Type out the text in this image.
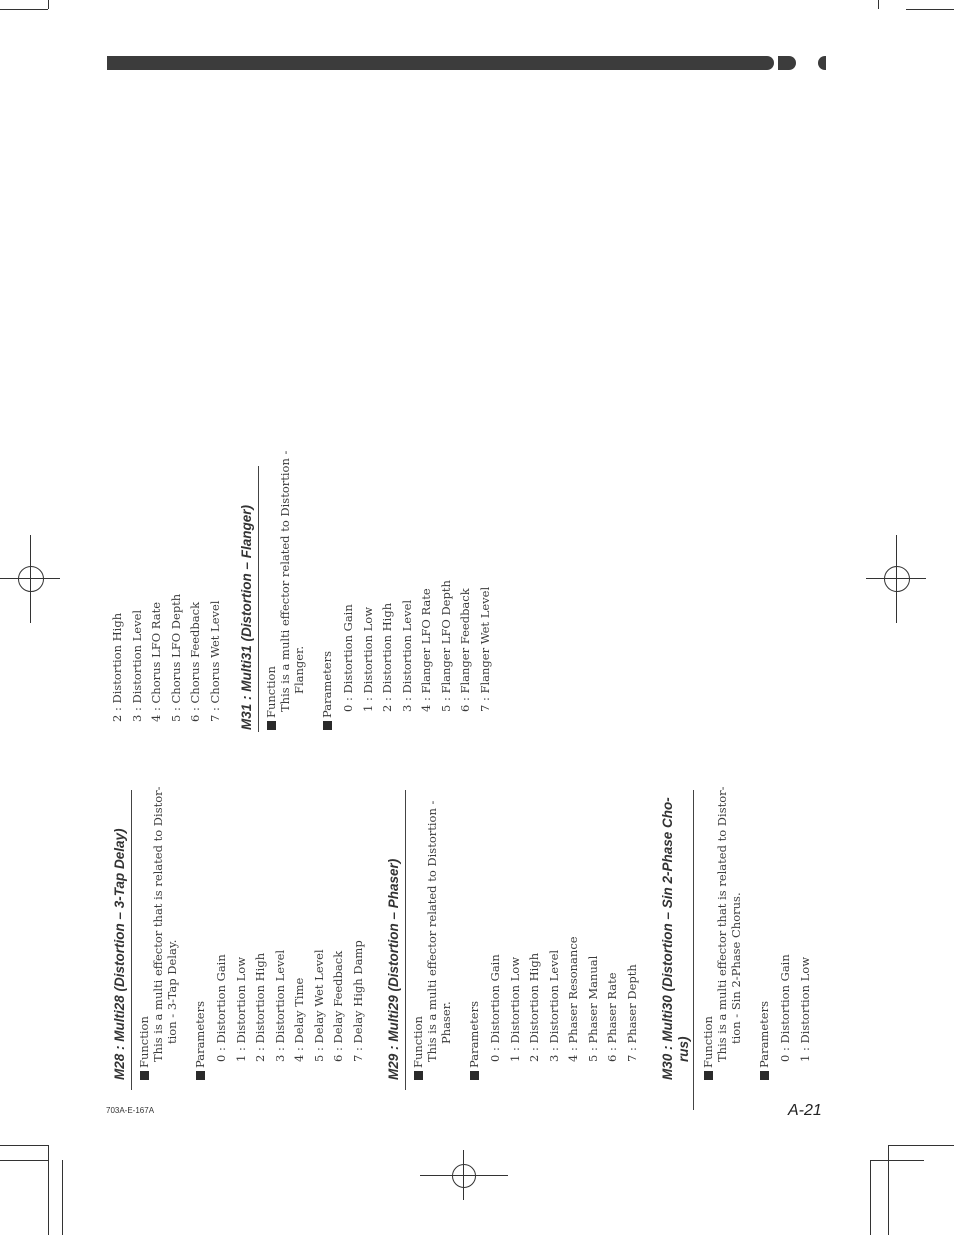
M28 : Multi28 (Distortion – 3-Tap Delay) Function This is a multi effector that is related to Distor- tion - 3-Tap Delay. Parameters 0 : Distortion Gain 1 : Distortion Low 2 : Distortion High 3 : Distortion Level 4 : Delay Time 5 : Delay Wet Level 6 : Delay Feedback 7 : Delay High Damp M29 : Multi29 (Distortion – Phaser) Function This is a multi effector related to Distortion - Phaser. Parameters 0 : Distortion Gain 1 : Distortion Low 2 : Distortion High 3 : Distortion Level 4 : Phaser Resonance 5 : Phaser Manual 6 : Phaser Rate 7 : Phaser Depth M30 : Multi30 (Distortion – Sin 2-Phase Cho- rus) Function This is a multi effector that is related to Distor- tion - Sin 2-Phase Chorus. Parameters 0 : Distortion Gain 1 : Distortion Low
2 : Distortion High 3 : Distortion Level 4 : Chorus LFO Rate 5 : Chorus LFO Depth 6 : Chorus Feedback 7 : Chorus Wet Level M31 : Multi31 (Distortion – Flanger) Function This is a multi effector related to Distortion - Flanger. Parameters 0 : Distortion Gain 1 : Distortion Low 2 : Distortion High 3 : Distortion Level 4 : Flanger LFO Rate 5 : Flanger LFO Depth 6 : Flanger Feedback 7 : Flanger Wet Level
703A-E-167A	A-21
